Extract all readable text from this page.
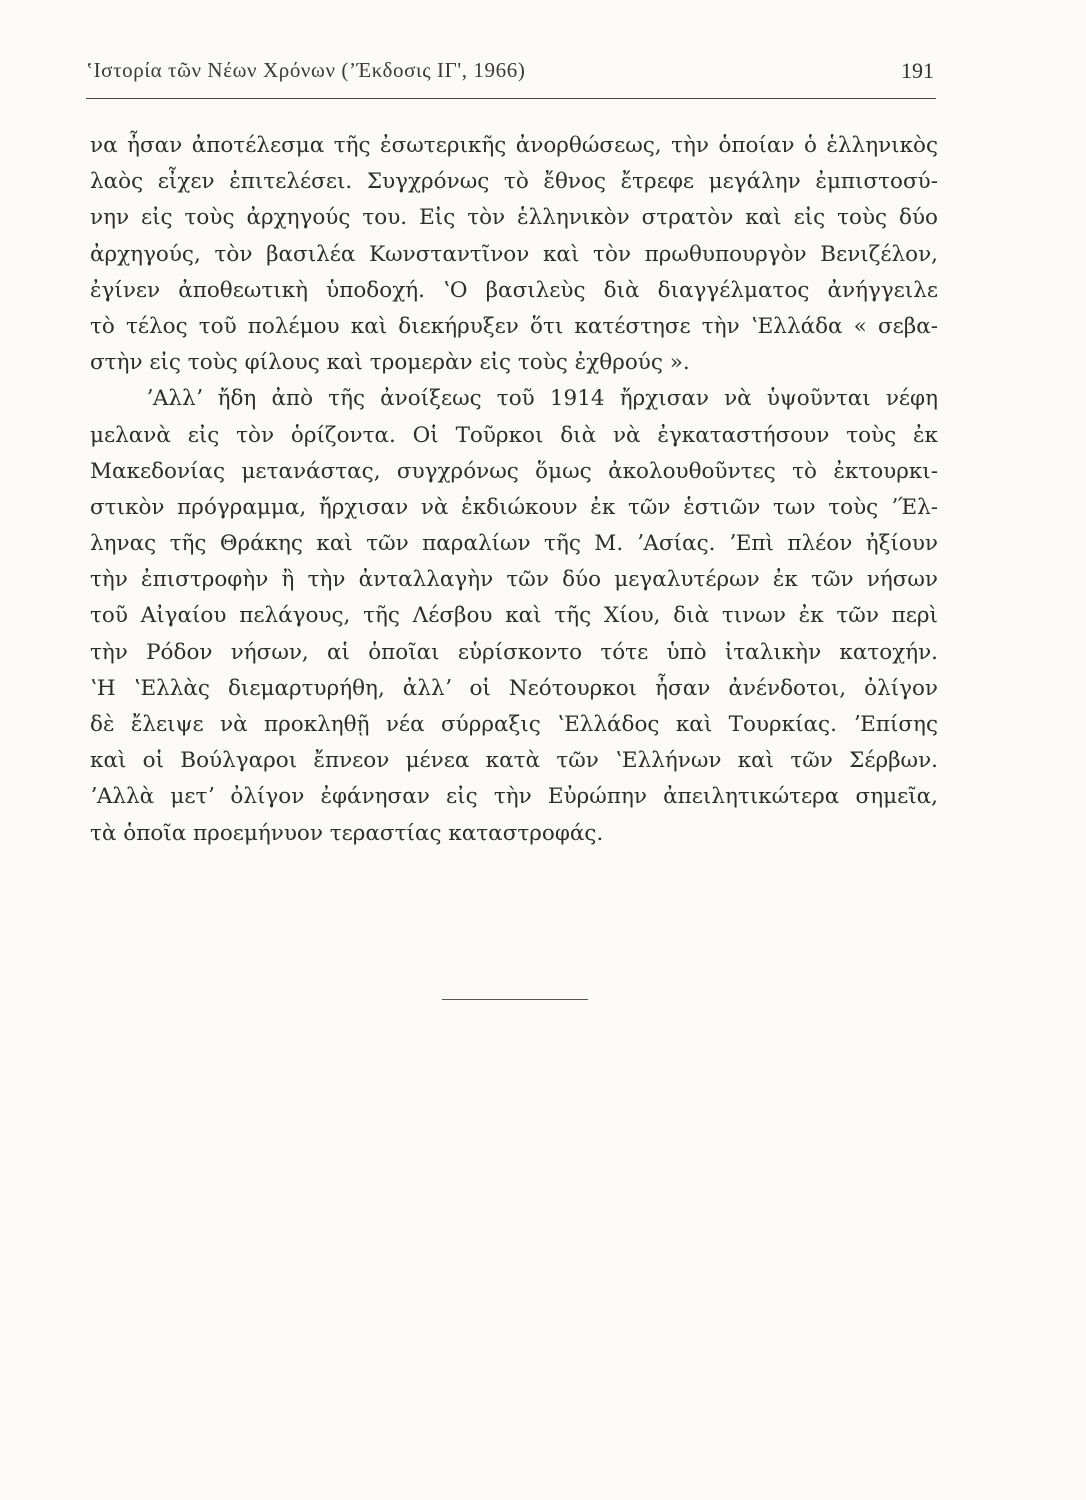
ʽΙστορία τῶν Νέων Χρόνων (ʼΈκδοσις ΙΓ', 1966)	191
να ἦσαν ἀποτέλεσμα τῆς ἐσωτερικῆς ἀνορθώσεως, τὴν ὁποίαν ὁ ἑλληνικὸς
λαὸς εἶχεν ἐπιτελέσει. Συγχρόνως τὸ ἔθνος ἔτρεφε μεγάλην ἐμπιστοσύ-
νην εἰς τοὺς ἀρχηγούς του. Εἰς τὸν ἑλληνικὸν στρατὸν καὶ εἰς τοὺς δύο
ἀρχηγούς, τὸν βασιλέα Κωνσταντῖνον καὶ τὸν πρωθυπουργὸν Βενιζέλον,
ἐγίνεν ἀποθεωτικὴ ὑποδοχή. ʽΟ βασιλεὺς διὰ διαγγέλματος ἀνήγγειλε
τὸ τέλος τοῦ πολέμου καὶ διεκήρυξεν ὅτι κατέστησε τὴν ʽΕλλάδα « σεβα-
στὴν εἰς τοὺς φίλους καὶ τρομερὰν εἰς τοὺς ἐχθρούς ».
ʼΑλλʼ ἤδη ἀπὸ τῆς ἀνοίξεως τοῦ 1914 ἤρχισαν νὰ ὑψοῦνται νέφη
μελανὰ εἰς τὸν ὁρίζοντα. Οἱ Τοῦρκοι διὰ νὰ ἐγκαταστήσουν τοὺς ἐκ
Μακεδονίας μετανάστας, συγχρόνως ὅμως ἀκολουθοῦντες τὸ ἐκτουρκι-
στικὸν πρόγραμμα, ἤρχισαν νὰ ἐκδιώκουν ἐκ τῶν ἑστιῶν των τοὺς ʼΈλ-
ληνας τῆς Θράκης καὶ τῶν παραλίων τῆς Μ. ʼΑσίας. ʼΕπὶ πλέον ἠξίουν
τὴν ἐπιστροφὴν ἢ τὴν ἀνταλλαγὴν τῶν δύο μεγαλυτέρων ἐκ τῶν νήσων
τοῦ Αἰγαίου πελάγους, τῆς Λέσβου καὶ τῆς Χίου, διὰ τινων ἐκ τῶν περὶ
τὴν Ρόδον νήσων, αἱ ὁποῖαι εὑρίσκοντο τότε ὑπὸ ἰταλικὴν κατοχήν.
ʽΗ ʽΕλλὰς διεμαρτυρήθη, ἀλλʼ οἱ Νεότουρκοι ἦσαν ἀνένδοτοι, ὀλίγον
δὲ ἔλειψε νὰ προκληθῇ νέα σύρραξις ʽΕλλάδος καὶ Τουρκίας. ʼΕπίσης
καὶ οἱ Βούλγαροι ἔπνεον μένεα κατὰ τῶν ʽΕλλήνων καὶ τῶν Σέρβων.
ʼΑλλὰ μετʼ ὀλίγον ἐφάνησαν εἰς τὴν Εὐρώπην ἀπειλητικώτερα σημεῖα,
τὰ ὁποῖα προεμήνυον τεραστίας καταστροφάς.
